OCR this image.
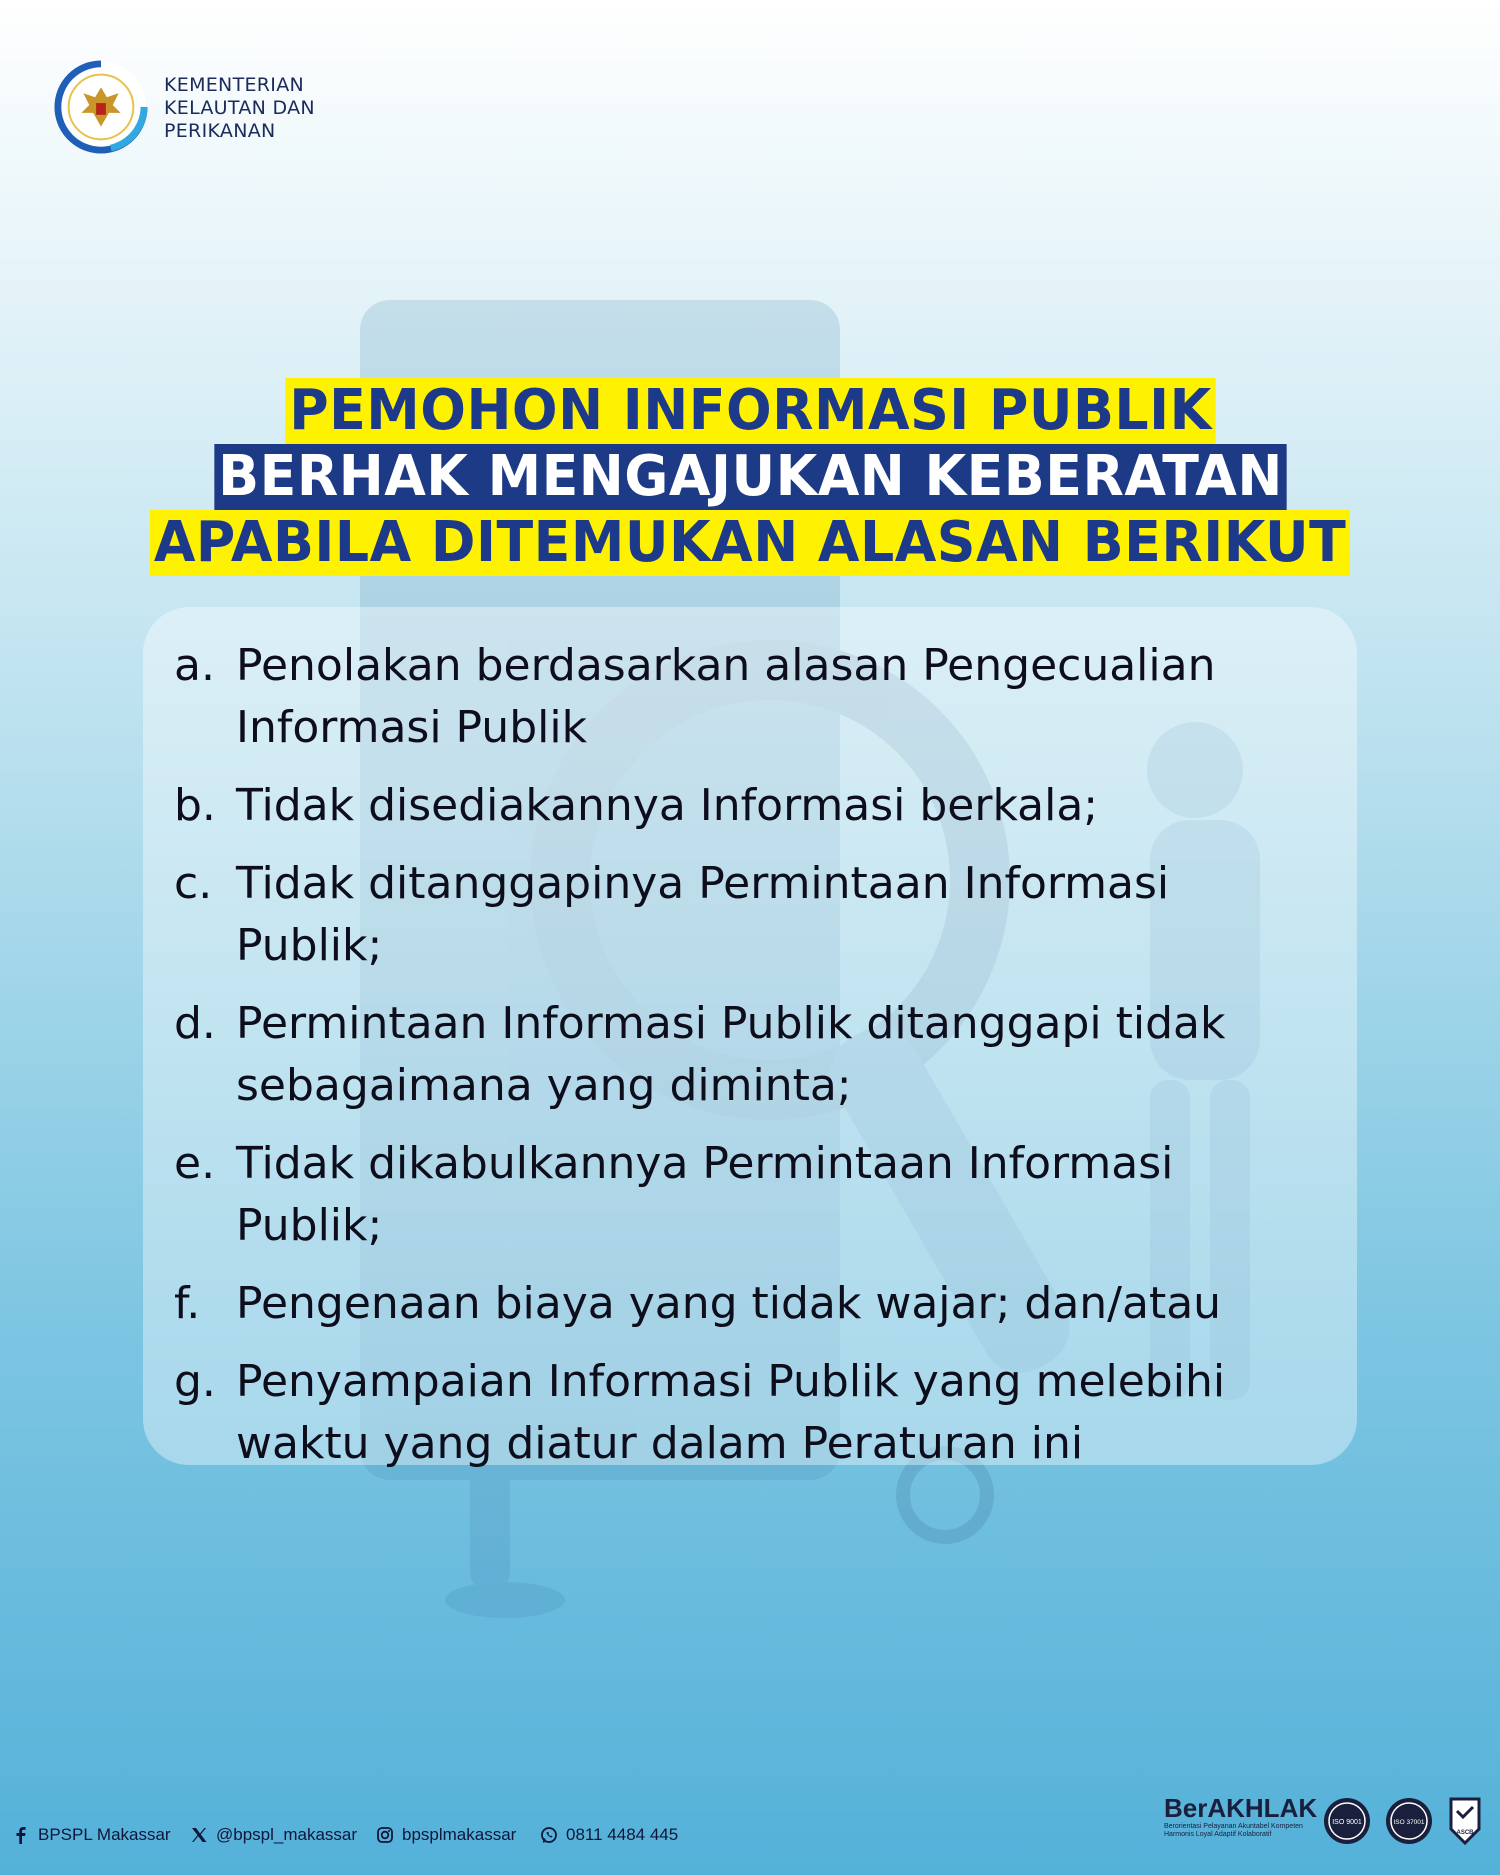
KEMENTERIAN
KELAUTAN DAN
PERIKANAN
PEMOHON INFORMASI PUBLIK
BERHAK MENGAJUKAN KEBERATAN
APABILA DITEMUKAN ALASAN BERIKUT
a. Penolakan berdasarkan alasan Pengecualian
Informasi Publik
b. Tidak disediakannya Informasi berkala;
c. Tidak ditanggapinya Permintaan Informasi
Publik;
d. Permintaan Informasi Publik ditanggapi tidak
sebagaimana yang diminta;
e. Tidak dikabulkannya Permintaan Informasi
Publik;
f. Pengenaan biaya yang tidak wajar; dan/atau
g. Penyampaian Informasi Publik yang melebihi
waktu yang diatur dalam Peraturan ini
BPSPL Makassar	@bpspl_makassar	bpsplmakassar	0811 4484 445
BerAKHLAK
Berorientasi Pelayanan Akuntabel Kompeten
Harmonis Loyal Adaptif Kolaboratif
ISO 9001	ISO 37001
ASCB
